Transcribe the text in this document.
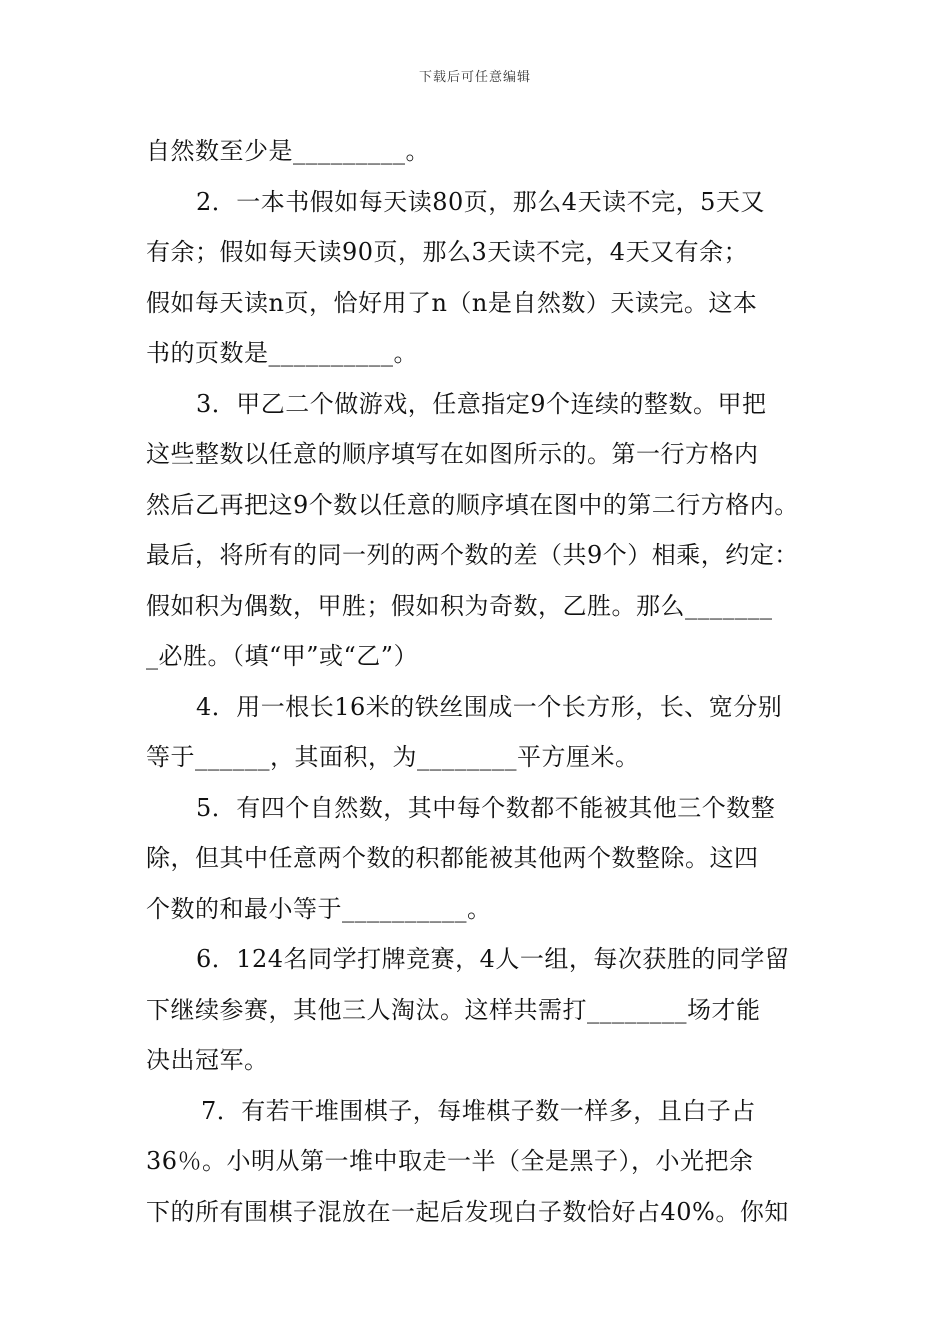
下载后可任意编辑
自然数至少是_________。
2．一本书假如每天读80页，那么4天读不完，5天又
有余；假如每天读90页，那么3天读不完，4天又有余；
假如每天读n页，恰好用了n（n是自然数）天读完。这本
书的页数是__________。
3．甲乙二个做游戏，任意指定9个连续的整数。甲把
这些整数以任意的顺序填写在如图所示的。第一行方格内
然后乙再把这9个数以任意的顺序填在图中的第二行方格内。
最后，将所有的同一列的两个数的差（共9个）相乘，约定：
假如积为偶数，甲胜；假如积为奇数，乙胜。那么_______
_必胜。（填“甲”或“乙”）
4．用一根长16米的铁丝围成一个长方形，长、宽分别
等于______，其面积，为________平方厘米。
5．有四个自然数，其中每个数都不能被其他三个数整
除，但其中任意两个数的积都能被其他两个数整除。这四
个数的和最小等于__________。
6．124名同学打牌竞赛，4人一组，每次获胜的同学留
下继续参赛，其他三人淘汰。这样共需打________场才能
决出冠军。
7．有若干堆围棋子，每堆棋子数一样多，且白子占
36％。小明从第一堆中取走一半（全是黑子），小光把余
下的所有围棋子混放在一起后发现白子数恰好占40%。你知
